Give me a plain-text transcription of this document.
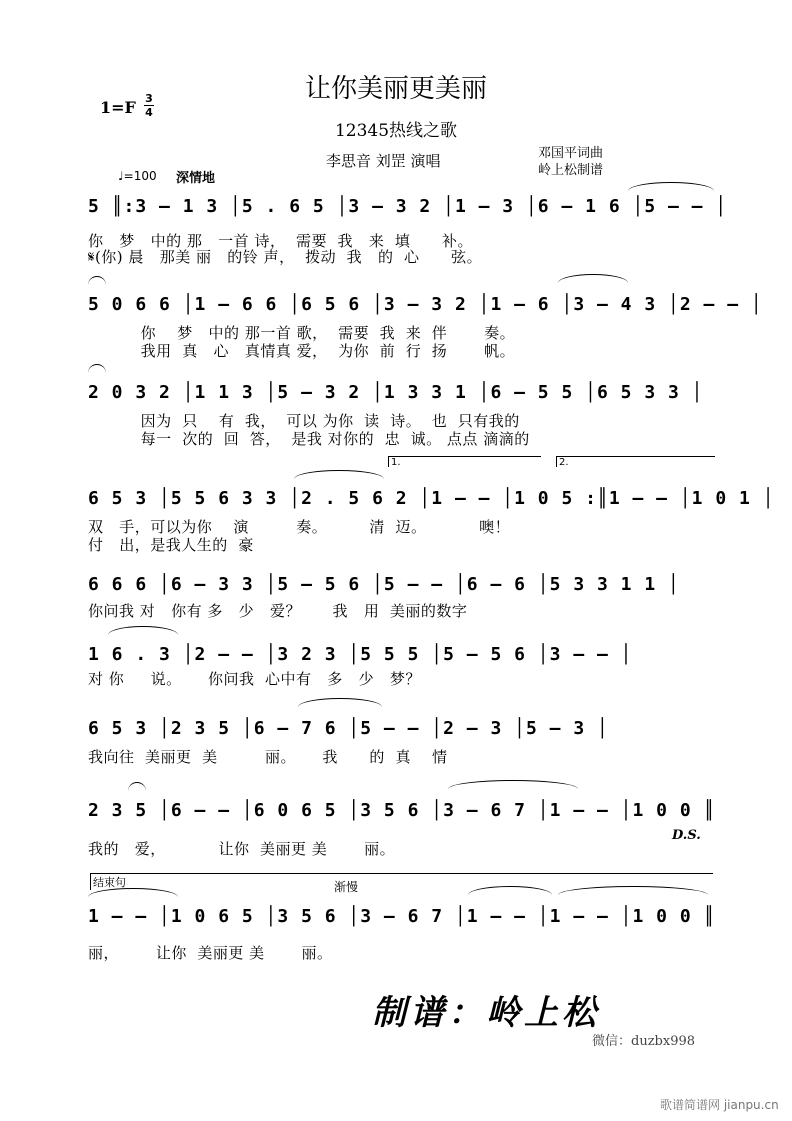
让你美丽更美丽
12345热线之歌
1=F 3
4
李思音 刘罡 演唱	邓国平词曲
岭上松制谱
♩=100 深情地
5 ║:3 – 1 3 │5 . 6 5 │3 – 3 2 │1 – 3 │6 – 1 6 │5 – – │
你   梦   中的 那   一首 诗，  需要  我   来  填      补。
𝄋(你) 晨   那美 丽   的铃 声，  拨动  我   的  心      弦。
5 0 6 6 │1 – 6 6 │6 5 6 │3 – 3 2 │1 – 6 │3 – 4 3 │2 – – │
你    梦   中的 那一首 歌，  需要  我  来  伴       奏。
我用  真   心   真情真 爱，  为你  前  行  扬       帆。
2 0 3 2 │1 1 3 │5 – 3 2 │1 3 3 1 │6 – 5 5 │6 5 3 3 │
因为  只    有  我，  可以 为你  读  诗。  也  只有我的
每一  次的  回  答，  是我 对你的  忠  诚。 点点 滴滴的
6 5 3 │5 5 6 3 3 │2 . 5 6 2 │1 – – │1 0 5 :║1 – – │1 0 1 │
1.	2.
双   手，可以为你    演         奏。        清  迈。          噢！
付   出，是我人生的  豪
6 6 6 │6 – 3 3 │5 – 5 6 │5 – – │6 – 6 │5 3 3 1 1 │
你问我 对   你有 多   少   爱？      我   用  美丽的数字
1 6 . 3 │2 – – │3 2 3 │5 5 5 │5 – 5 6 │3 – – │
对 你     说。     你问我  心中有   多   少   梦？
6 5 3 │2 3 5 │6 – 7 6 │5 – – │2 – 3 │5 – 3 │
我向往  美丽更  美         丽。     我      的  真    情
2 3 5 │6 – – │6 0 6 5 │3 5 6 │3 – 6 7 │1 – – │1 0 0 ║
D.S.
我的   爱，          让你  美丽更 美       丽。
结束句	渐慢
1 – – │1 0 6 5 │3 5 6 │3 – 6 7 │1 – – │1 – – │1 0 0 ║
丽，       让你  美丽更 美       丽。
制谱：岭上松
微信：duzbx998
歌谱简谱网 jianpu.cn
